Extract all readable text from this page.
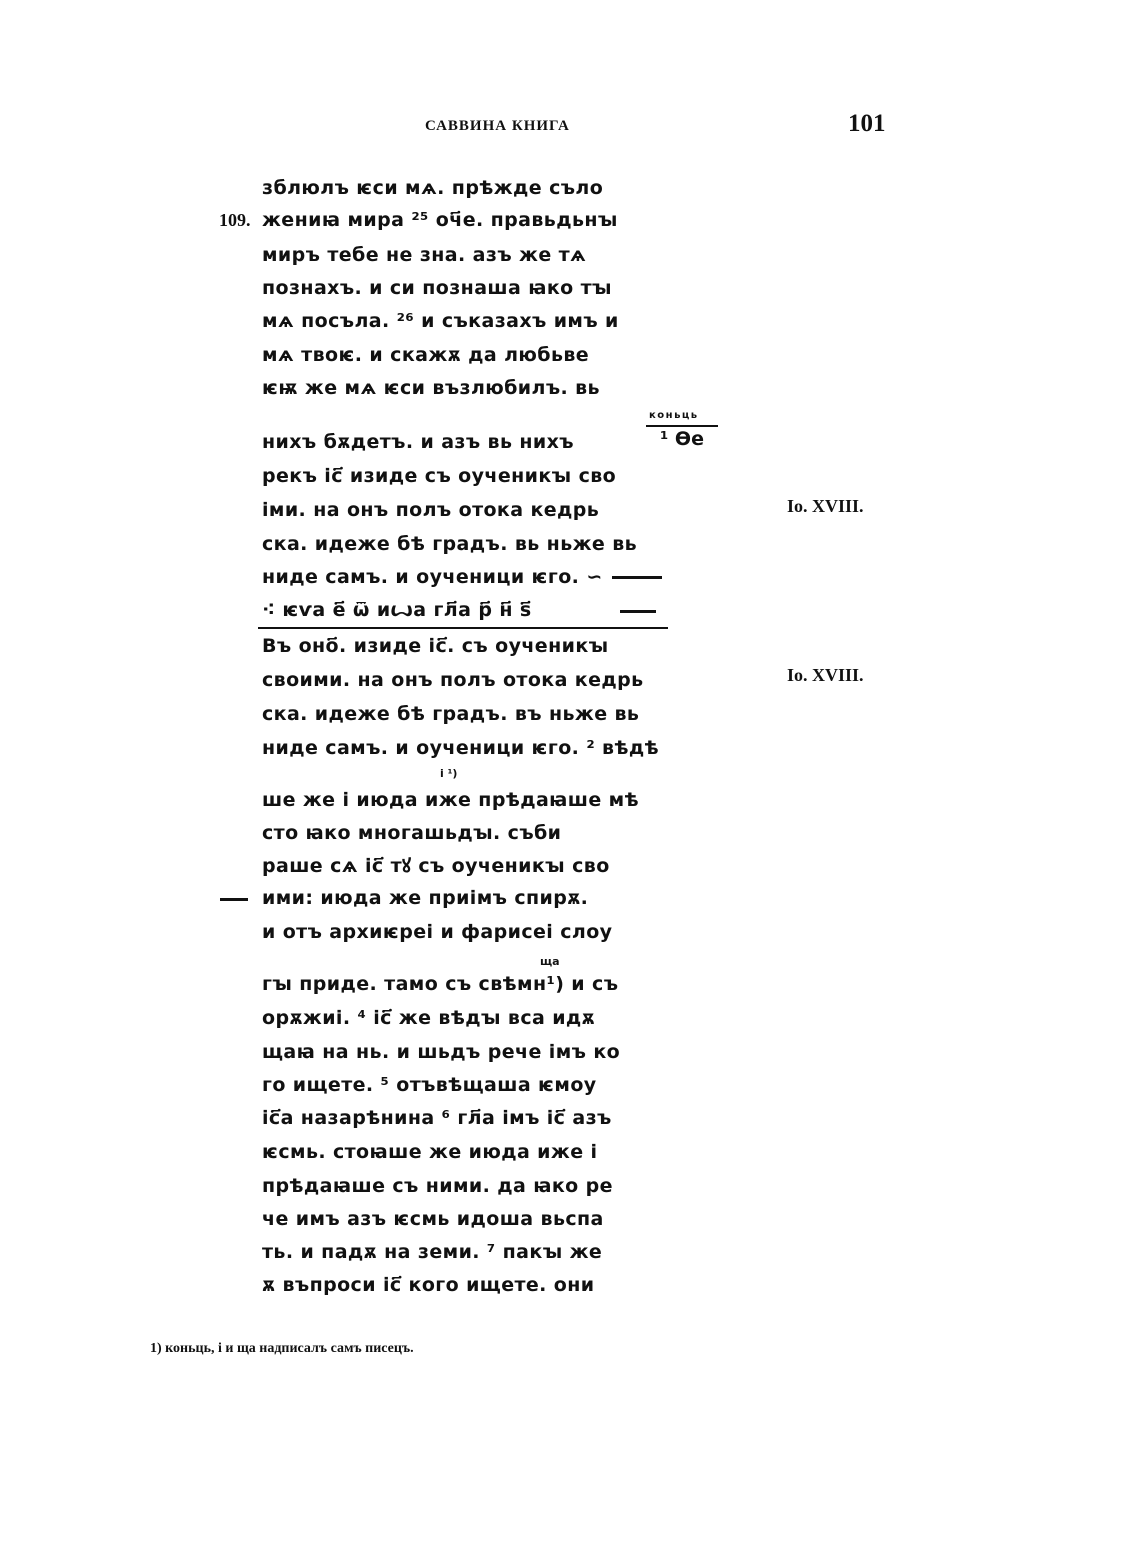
САВВИНА КНИГА	101
109.
зблюлъ ѥси мѧ. прѣжде съло
жениꙗ мира ²⁵ оч҃е. правьдьнꙑ
миръ тебе не зна. азъ же тѧ
познахъ. и си познаша ꙗко тꙑ
мѧ посъла. ²⁶ и съказахъ имъ и
мѧ твоѥ. и скажѫ да любьве
ѥѭ же мѧ ѥси възлюбилъ. вь
коньць
¹ Ѳе
нихъ бѫдетъ. и азъ вь нихъ
рекъ іс҃ изиде съ оученикꙑ сво
іми. на онъ полъ отока кедрь
ска. идеже бѣ градъ. вь ньже вь
ниде самъ. и оученици ѥго. ∽
⁖ ѥѵа е҃ ѿ иꙍа гл҃а р҃ н҃ ѕ҃
Io. XVIII.
Въ оно҃. изиде іс҃. съ оученикꙑ
своими. на онъ полъ отока кедрь
ска. идеже бѣ градъ. въ ньже вь
ниде самъ. и оученици ѥго. ² вѣдѣ
і ¹)
ше же і июда иже прѣдаꙗше мѣ
сто ꙗко многашьдꙑ. съби
раше сѧ іс҃ тꙋ съ оученикꙑ сво
ими: июда же приімъ спирѫ.
и отъ архиѥреі и фарисеі слоу
ща
гꙑ приде. тамо съ свѣмн¹) и съ
орѫжиі. ⁴ іс҃ же вѣдꙑ вса идѫ
щаꙗ на нь. и шьдъ рече імъ ко
го ищете. ⁵ отъвѣщаша ѥмоу
іс҃а назарѣнина ⁶ гл҃а імъ іс҃ азъ
ѥсмь. стоꙗше же июда иже і
прѣдаꙗше съ ними. да ꙗко ре
че имъ азъ ѥсмь идоша вьспа
ть. и падѫ на земи. ⁷ пакꙑ же
ѫ въпроси іс҃ кого ищете. они
Io. XVIII.
1) коньць, і и ща надписалъ самъ писецъ.
